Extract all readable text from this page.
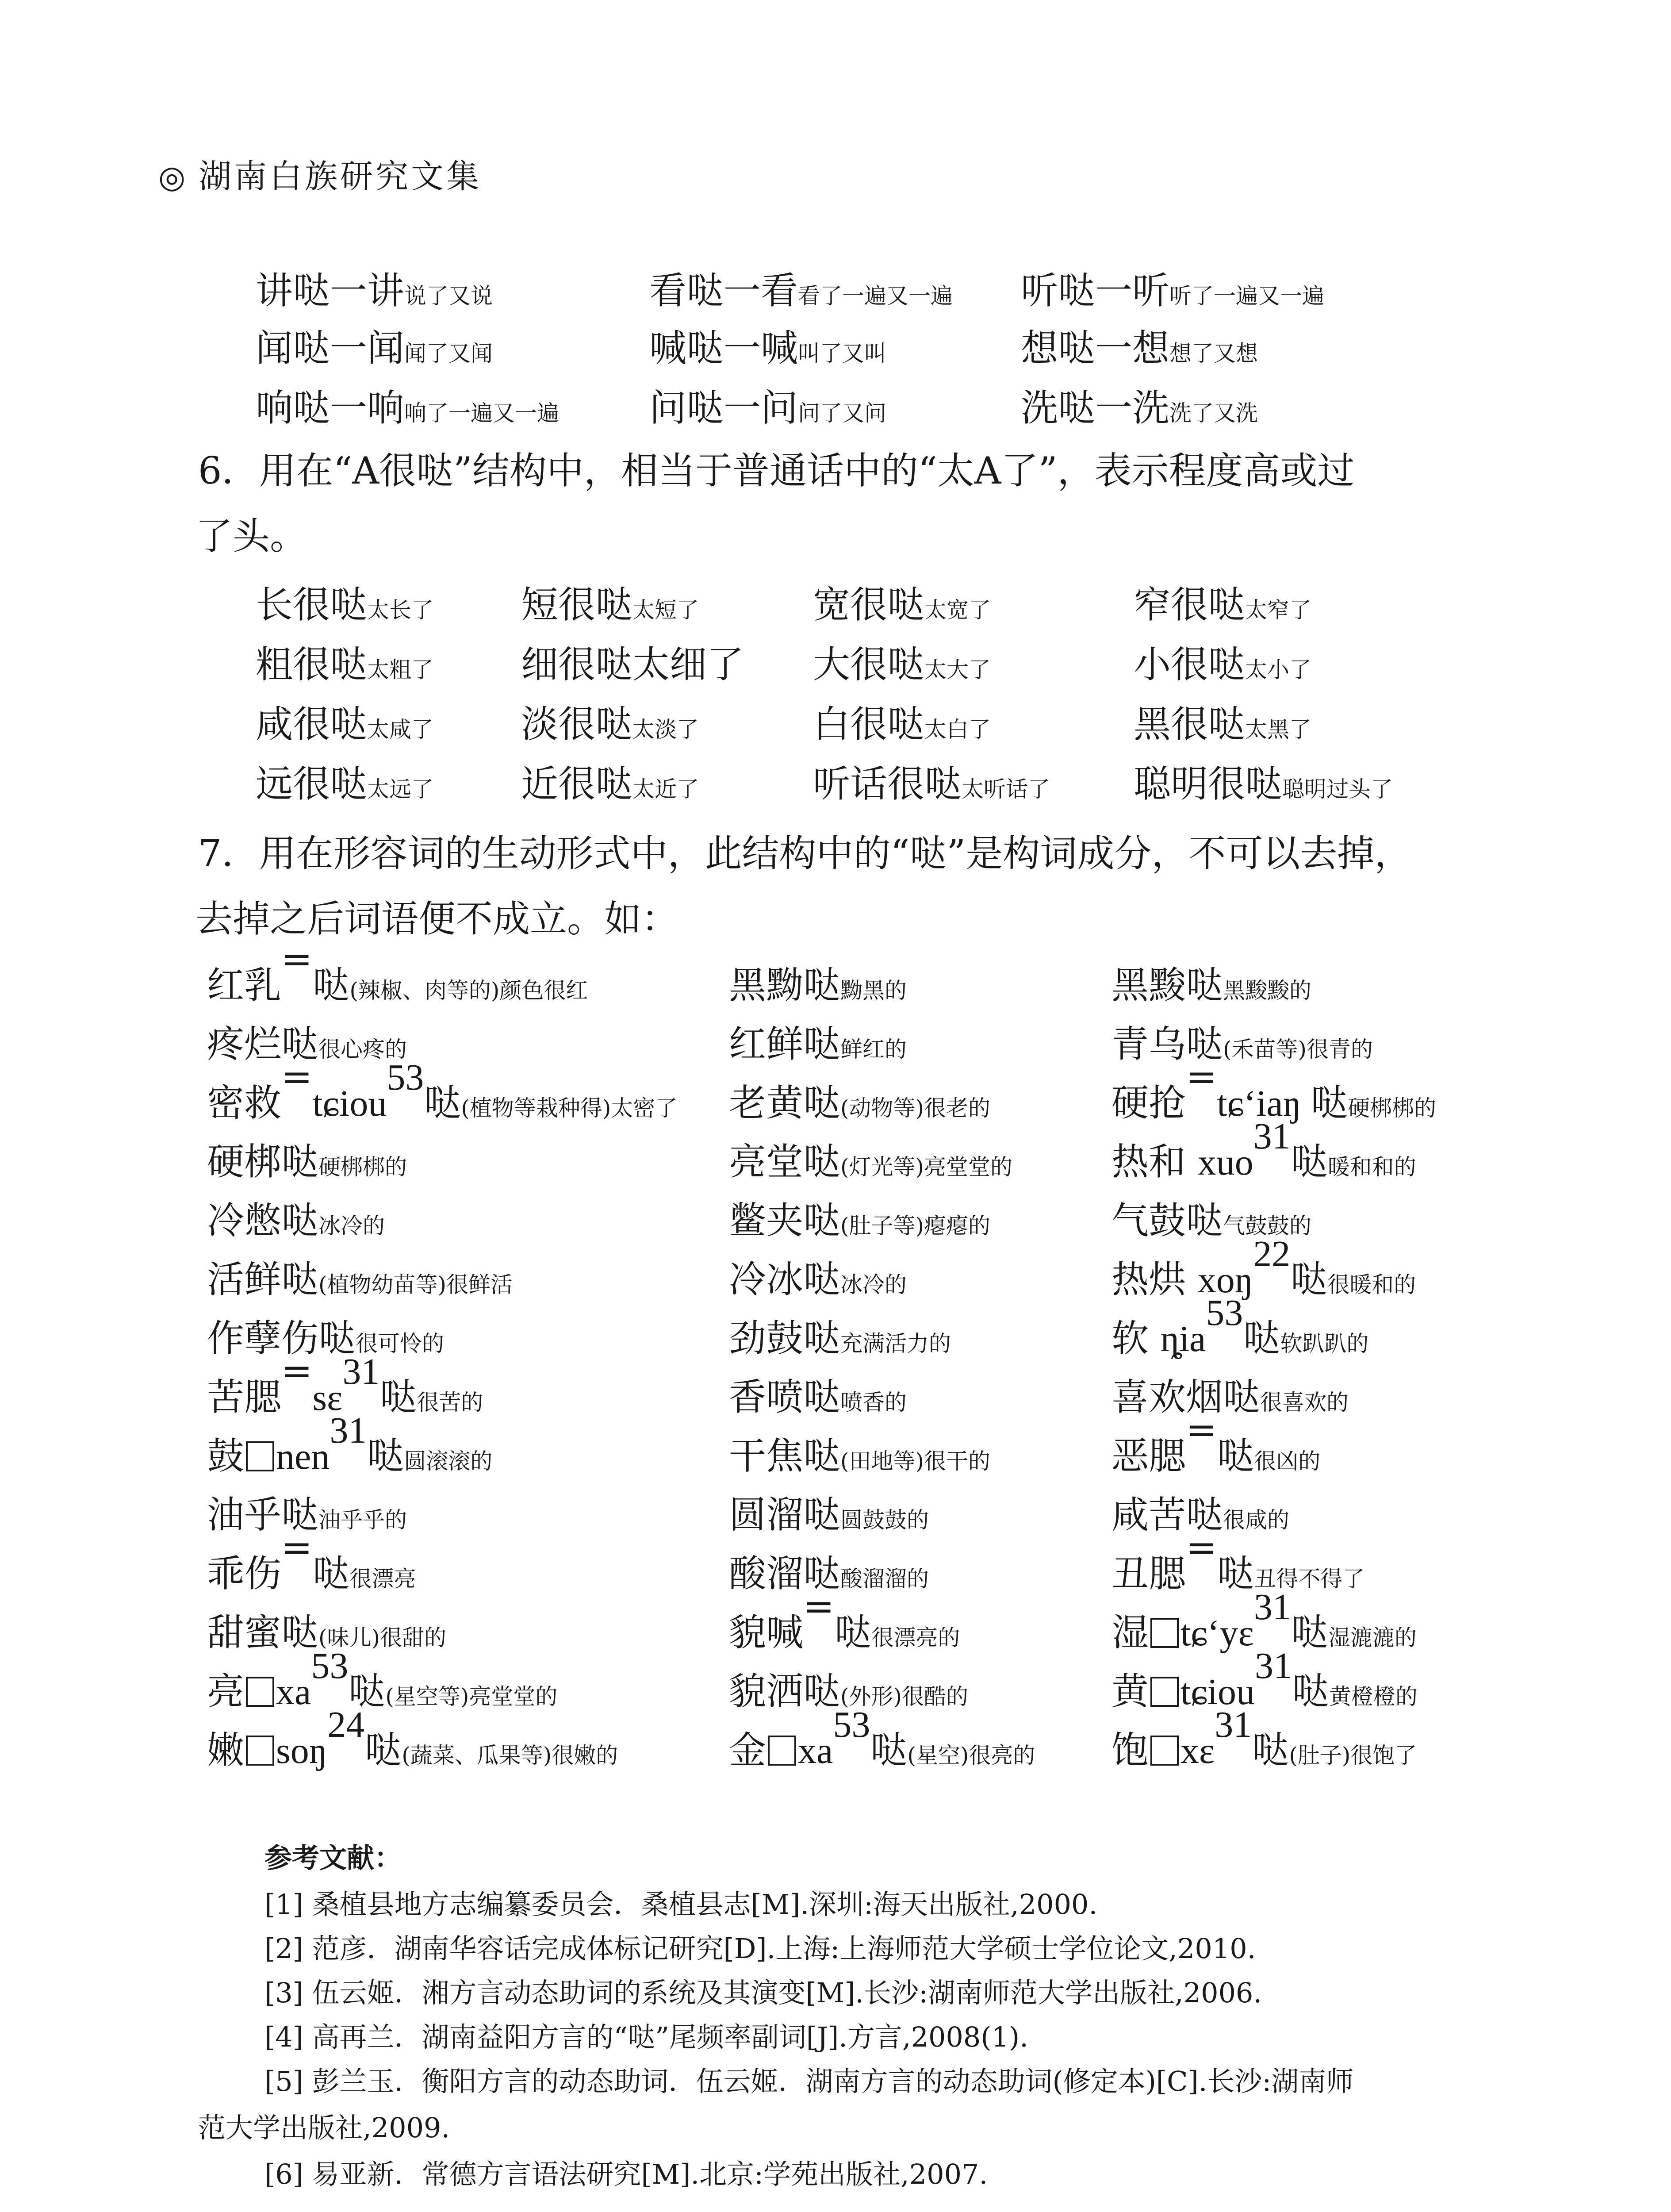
◎ 湖南白族研究文集
讲哒一讲说了又说	看哒一看看了一遍又一遍 听哒一听听了一遍又一遍
闻哒一闻闻了又闻	喊哒一喊叫了又叫	想哒一想想了又想
响哒一响响了一遍又一遍 问哒一问问了又问	洗哒一洗洗了又洗
6．用在“A很哒”结构中，相当于普通话中的“太A了”，表示程度高或过
了头。
长很哒太长了 短很哒太短了	宽很哒太宽了	窄很哒太窄了
粗很哒太粗了 细很哒太细了 大很哒太大了	小很哒太小了
咸很哒太咸了 淡很哒太淡了	白很哒太白了	黑很哒太黑了
远很哒太远了 近很哒太近了	听话很哒太听话了 聪明很哒聪明过头了
7．用在形容词的生动形式中，此结构中的“哒”是构词成分，不可以去掉，
去掉之后词语便不成立。如：
红乳=哒(辣椒、肉等的)颜色很红	黑黝哒黝黑的	黑黢哒黑黢黢的
疼烂哒很心疼的	红鲜哒鲜红的	青乌哒(禾苗等)很青的
密救=tɕiou$^{53}$哒(植物等栽种得)太密了 老黄哒(动物等)很老的	硬抢=tɕ‘iaŋ 哒硬梆梆的
硬梆哒硬梆梆的	亮堂哒(灯光等)亮堂堂的	热和 xuo$^{31}$哒暖和和的
冷憋哒冰冷的	鳖夹哒(肚子等)瘪瘪的	气鼓哒气鼓鼓的
活鲜哒(植物幼苗等)很鲜活	冷冰哒冰冷的	热烘 xoŋ$^{22}$哒很暖和的
作孽伤哒很可怜的	劲鼓哒充满活力的	软 ȵia$^{53}$哒软趴趴的
苦腮=sɛ$^{31}$哒很苦的	香喷哒喷香的	喜欢烟哒很喜欢的
鼓 nen$^{31}$哒圆滚滚的	干焦哒(田地等)很干的	恶腮=哒很凶的
油乎哒油乎乎的	圆溜哒圆鼓鼓的	咸苦哒很咸的
乖伤=哒很漂亮	酸溜哒酸溜溜的	丑腮=哒丑得不得了
甜蜜哒(味儿)很甜的	貌喊=哒很漂亮的	湿 tɕ‘yɛ$^{31}$哒湿漉漉的
亮 $xa^{53}$哒(星空等)亮堂堂的	貌洒哒(外形)很酷的	黄 tɕiou$^{31}$哒黄橙橙的
嫩 soŋ$^{24}$哒(蔬菜、瓜果等)很嫩的	金 $xa^{53}$哒(星空)很亮的 饱 xɛ$^{31}$哒(肚子)很饱了
参考文献：
[1] 桑植县地方志编纂委员会．桑植县志[M].深圳:海天出版社,2000.
[2] 范彦．湖南华容话完成体标记研究[D].上海:上海师范大学硕士学位论文,2010.
[3] 伍云姬．湘方言动态助词的系统及其演变[M].长沙:湖南师范大学出版社,2006.
[4] 高再兰．湖南益阳方言的“哒”尾频率副词[J].方言,2008(1).
[5] 彭兰玉．衡阳方言的动态助词．伍云姬．湖南方言的动态助词(修定本)[C].长沙:湖南师
范大学出版社,2009.
[6] 易亚新．常德方言语法研究[M].北京:学苑出版社,2007.
